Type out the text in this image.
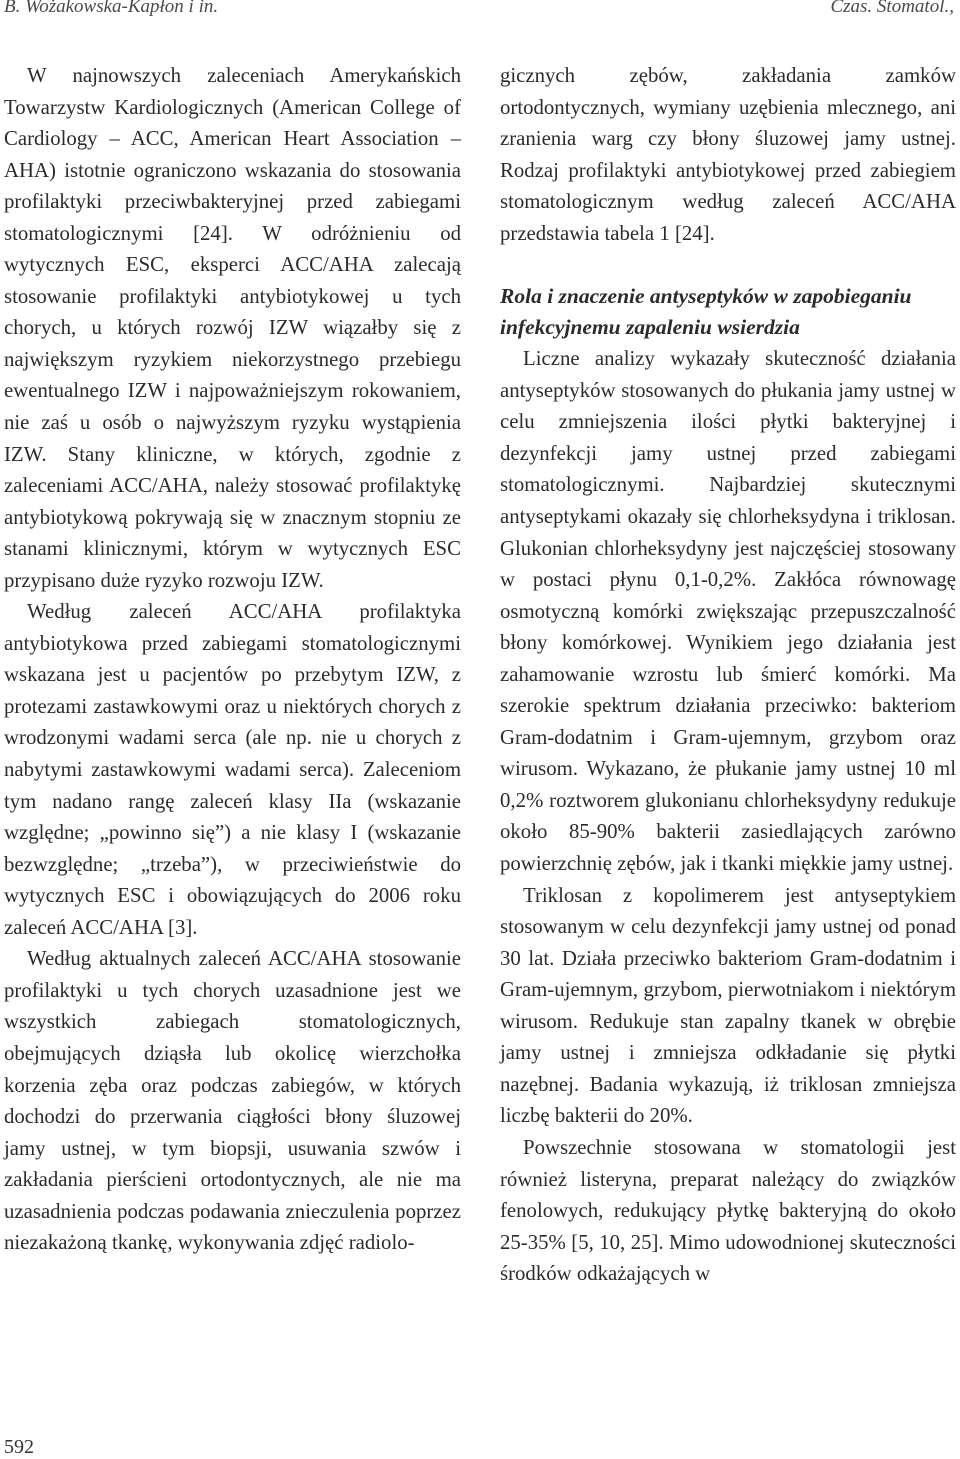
B. Wożakowska-Kapłon i in.	Czas. Stomatol.,

W najnowszych zaleceniach Amerykańskich Towarzystw Kardiologicznych (American College of Cardiology – ACC, American Heart Association – AHA) istotnie ograniczono wskazania do stosowania profilaktyki przeciwbakteryjnej przed zabiegami stomatologicznymi [24]. W odróżnieniu od wytycznych ESC, eksperci ACC/AHA zalecają stosowanie profilaktyki antybiotykowej u tych chorych, u których rozwój IZW wiązałby się z największym ryzykiem niekorzystnego przebiegu ewentualnego IZW i najpoważniejszym rokowaniem, nie zaś u osób o najwyższym ryzyku wystąpienia IZW. Stany kliniczne, w których, zgodnie z zaleceniami ACC/AHA, należy stosować profilaktykę antybiotykową pokrywają się w znacznym stopniu ze stanami klinicznymi, którym w wytycznych ESC przypisano duże ryzyko rozwoju IZW.

Według zaleceń ACC/AHA profilaktyka antybiotykowa przed zabiegami stomatologicznymi wskazana jest u pacjentów po przebytym IZW, z protezami zastawkowymi oraz u niektórych chorych z wrodzonymi wadami serca (ale np. nie u chorych z nabytymi zastawkowymi wadami serca). Zaleceniom tym nadano rangę zaleceń klasy IIa (wskazanie względne; „powinno się”) a nie klasy I (wskazanie bezwzględne; „trzeba”), w przeciwieństwie do wytycznych ESC i obowiązujących do 2006 roku zaleceń ACC/AHA [3].

Według aktualnych zaleceń ACC/AHA stosowanie profilaktyki u tych chorych uzasadnione jest we wszystkich zabiegach stomatologicznych, obejmujących dziąsła lub okolicę wierzchołka korzenia zęba oraz podczas zabiegów, w których dochodzi do przerwania ciągłości błony śluzowej jamy ustnej, w tym biopsji, usuwania szwów i zakładania pierścieni ortodontycznych, ale nie ma uzasadnienia podczas podawania znieczulenia poprzez niezakażoną tkankę, wykonywania zdjęć radiolo-

gicznych zębów, zakładania zamków ortodontycznych, wymiany uzębienia mlecznego, ani zranienia warg czy błony śluzowej jamy ustnej. Rodzaj profilaktyki antybiotykowej przed zabiegiem stomatologicznym według zaleceń ACC/AHA przedstawia tabela 1 [24].

Rola i znaczenie antyseptyków w zapobieganiu infekcyjnemu zapaleniu wsierdzia

Liczne analizy wykazały skuteczność działania antyseptyków stosowanych do płukania jamy ustnej w celu zmniejszenia ilości płytki bakteryjnej i dezynfekcji jamy ustnej przed zabiegami stomatologicznymi. Najbardziej skutecznymi antyseptykami okazały się chlorheksydyna i triklosan. Glukonian chlorheksydyny jest najczęściej stosowany w postaci płynu 0,1-0,2%. Zakłóca równowagę osmotyczną komórki zwiększając przepuszczalność błony komórkowej. Wynikiem jego działania jest zahamowanie wzrostu lub śmierć komórki. Ma szerokie spektrum działania przeciwko: bakteriom Gram-dodatnim i Gram-ujemnym, grzybom oraz wirusom. Wykazano, że płukanie jamy ustnej 10 ml 0,2% roztworem glukonianu chlorheksydyny redukuje około 85-90% bakterii zasiedlających zarówno powierzchnię zębów, jak i tkanki miękkie jamy ustnej.

Triklosan z kopolimerem jest antyseptykiem stosowanym w celu dezynfekcji jamy ustnej od ponad 30 lat. Działa przeciwko bakteriom Gram-dodatnim i Gram-ujemnym, grzybom, pierwotniakom i niektórym wirusom. Redukuje stan zapalny tkanek w obrębie jamy ustnej i zmniejsza odkładanie się płytki nazębnej. Badania wykazują, iż triklosan zmniejsza liczbę bakterii do 20%.

Powszechnie stosowana w stomatologii jest również listeryna, preparat należący do związków fenolowych, redukujący płytkę bakteryjną do około 25-35% [5, 10, 25]. Mimo udowodnionej skuteczności środków odkażających w

592
